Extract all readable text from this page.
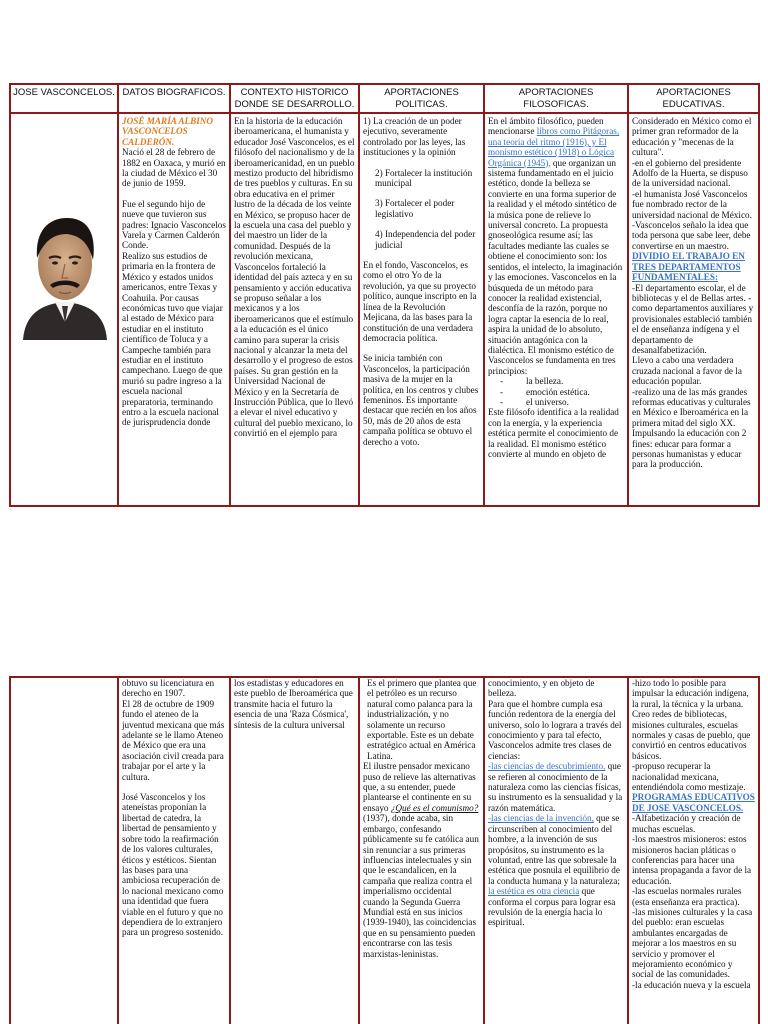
JOSE VASCONCELOS. DATOS BIOGRAFICOS.	CONTEXTO HISTORICO DONDE SE DESARROLLO.
APORTACIONES POLITICAS.
APORTACIONES FILOSOFICAS.
APORTACIONES EDUCATIVAS.

JOSÉ MARÍA ALBINO VASCONCELOS CALDERÓN.

Nació el 28 de febrero de 1882 en Oaxaca, y murió en la ciudad de México el 30 de junio de 1959.

Fue el segundo hijo de nueve que tuvieron sus padres: Ignacio Vasconcelos Varela y Carmen Calderón Conde.

Realizo sus estudios de primaria en la frontera de México y estados unidos americanos, entre Texas y Coahuila. Por causas económicas tuvo que viajar al estado de México para estudiar en el instituto científico de Toluca y a Campeche también para estudiar en el instituto campechano. Luego de que murió su padre ingreso a la escuela nacional preparatoria, terminando entro a la escuela nacional de jurisprudencia donde

En la historia de la educación iberoamericana, el humanista y educador José Vasconcelos, es el filósofo del nacionalismo y de la iberoamericanidad, en un pueblo mestizo producto del hibridismo de tres pueblos y culturas. En su obra educativa en el primer lustro de la década de los veinte en México, se propuso hacer de la escuela una casa del pueblo y del maestro un líder de la comunidad. Después de la revolución mexicana, Vasconcelos fortaleció la identidad del país azteca y en su pensamiento y acción educativa se propuso señalar a los mexicanos y a los iberoamericanos que el estímulo a la educación es el único camino para superar la crisis nacional y alcanzar la meta del desarrollo y el progreso de estos países. Su gran gestión en la Universidad Nacional de México y en la Secretaría de Instrucción Pública, que lo llevó a elevar el nivel educativo y cultural del pueblo mexicano, lo convirtió en el ejemplo para

1) La creación de un poder ejecutivo, severamente controlado por las leyes, las instituciones y la opinión

2) Fortalecer la institución municipal

3) Fortalecer el poder legislativo

4) Independencia del poder judicial

En el fondo, Vasconcelos, es como el otro Yo de la revolución, ya que su proyecto político, aunque inscripto en la línea de la Revolución Mejicana, da las bases para la constitución de una verdadera democracia política.

Se inicia también con Vasconcelos, la participación masiva de la mujer en la política, en los centros y clubes femeninos. Es importante destacar que recién en los años 50, más de 20 años de esta campaña política se obtuvo el derecho a voto.

En el ámbito filosófico, pueden mencionarse libros como Pitágoras, una teoría del ritmo (1916), y El monismo estético (1918) o Lógica Orgánica (1945), que organizan un sistema fundamentado en el juicio estético, donde la belleza se convierte en una forma superior de la realidad y el método sintético de la música pone de relieve lo universal concreto. La propuesta gnoseológica resume así; las facultades mediante las cuales se obtiene el conocimiento son: los sentidos, el intelecto, la imaginación y las emociones. Vasconcelos en la búsqueda de un método para conocer la realidad existencial, desconfía de la razón, porque no logra captar la esencia de lo real, aspira la unidad de lo absoluto, situación antagónica con la dialéctica. El monismo estético de Vasconcelos se fundamenta en tres principios:

- la belleza.
- emoción estética.
- el universo.

Este filósofo identifica a la realidad con la energía, y la experiencia estética permite el conocimiento de la realidad. El monismo estético convierte al mundo en objeto de

Considerado en México como el primer gran reformador de la educación y "mecenas de la cultura".

-en el gobierno del presidente Adolfo de la Huerta, se dispuso de la universidad nacional.

-el humanista José Vasconcelos fue nombrado rector de la universidad nacional de México.

-Vasconcelos señalo la idea que toda persona que sabe leer, debe convertirse en un maestro.

DIVIDIO EL TRABAJO EN TRES DEPARTAMENTOS FUNDAMENTALES:

-El departamento escolar, el de bibliotecas y el de Bellas artes. -como departamentos auxiliares y provisionales estableció también el de enseñanza indígena y el departamento de desanalfabetización.

Llevo a cabo una verdadera cruzada nacional a favor de la educación popular.

-realizo una de las más grandes reformas educativas y culturales en México e Iberoamérica en la primera mitad del siglo XX.

Impulsando la educación con 2 fines: educar para formar a personas humanistas y educar para la producción.

obtuvo su licenciatura en derecho en 1907.

El 28 de octubre de 1909 fundo el ateneo de la juventud mexicana que más adelante se le llamo Ateneo de México que era una asociación civil creada para trabajar por el arte y la cultura.

José Vasconcelos y los ateneístas proponían la libertad de catedra, la libertad de pensamiento y sobre todo la reafirmación de los valores culturales, éticos y estéticos. Sientan las bases para una ambiciosa recuperación de lo nacional mexicano como una identidad que fuera viable en el futuro y que no dependiera de lo extranjero para un progreso sostenido.

los estadistas y educadores en este pueblo de Iberoamérica que transmite hacia el futuro la esencia de una 'Raza Cósmica', síntesis de la cultura universal

Es el primero que plantea que el petróleo es un recurso natural como palanca para la industrialización, y no solamente un recurso exportable. Este es un debate estratégico actual en América Latina.

El ilustre pensador mexicano puso de relieve las alternativas que, a su entender, puede plantearse el continente en su ensayo ¿Qué es el comunismo? (1937), donde acaba, sin embargo, confesando públicamente su fe católica aun sin renunciar a sus primeras influencias intelectuales y sin que le escandalicen, en la campaña que realiza contra el imperialismo occidental cuando la Segunda Guerra Mundial está en sus inicios (1939-1940), las coincidencias que en su pensamiento pueden encontrarse con las tesis marxistas-leninistas.

conocimiento, y en objeto de belleza.

Para que el hombre cumpla esa función redentora de la energía del universo, solo lo lograra a través del conocimiento y para tal efecto, Vasconcelos admite tres clases de ciencias:

-las ciencias de descubrimiento, que se refieren al conocimiento de la naturaleza como las ciencias físicas, su instrumento es la sensualidad y la razón matemática.

-las ciencias de la invención, que se circunscriben al conocimiento del hombre, a la invención de sus propósitos, su instrumento es la voluntad, entre las que sobresale la estética que posnula el equilibrio de la conducta humana y la naturaleza; la estética es otra ciencia que conforma el corpus para lograr esa revulsión de la energía hacia lo espiritual.

-hizo todo lo posible para impulsar la educación indígena, la rural, la técnica y la urbana. Creo redes de bibliotecas, misiones culturales, escuelas normales y casas de pueblo, que convirtió en centros educativos básicos.

-propuso recuperar la nacionalidad mexicana, entendiéndola como mestizaje.

PROGRAMAS EDUCATIVOS DE JOSE VASCONCELOS.

-Alfabetización y creación de muchas escuelas.

-los maestros misioneros: estos misioneros hacian pláticas o conferencias para hacer una intensa propaganda a favor de la educación.

-las escuelas normales rurales (esta enseñanza era practica).

-las misiones culturales y la casa del pueblo: eran escuelas ambulantes encargadas de mejorar a los maestros en su servicio y promover el mejoramiento económico y social de las comunidades.

-la educación nueva y la escuela
